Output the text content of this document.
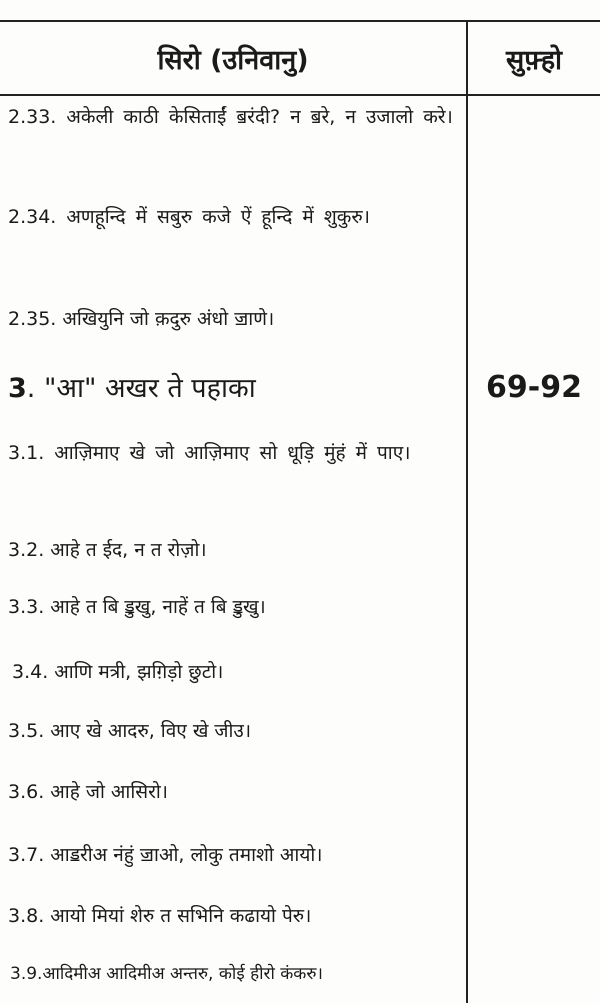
सिरो (उनिवानु)	सुफ़्हो
2.33. अकेली काठी केसिताईं ॿरंदी? न ॿरे, न उजालो करे।
2.34. अणहून्दि में सबुरु कजे ऐं हून्दि में शुकुरु।
2.35. अखियुनि जो क़दुरु अंधो ॼाणे।
3. "आ" अखर ते पहाका	69-92
3.1. आज़िमाए खे जो आज़िमाए सो धूड़ि मुंहं में पाए।
3.2. आहे त ईद, न त रोज़ो।
3.3. आहे त बि ॾुखु, नाहें त बि ॾुखु।
3.4. आणि मत्री, झग़िड़ो छुटो।
3.5. आए खे आदरु, विए खे जीउ।
3.6. आहे जो आसिरो।
3.7. आॾरीअ नंहुं ॼाओ, लोकु तमाशो आयो।
3.8. आयो मियां शेरु त सभिनि कढायो पेरु।
3.9.आदिमीअ आदिमीअ अन्तरु, कोई हीरो कंकरु।
